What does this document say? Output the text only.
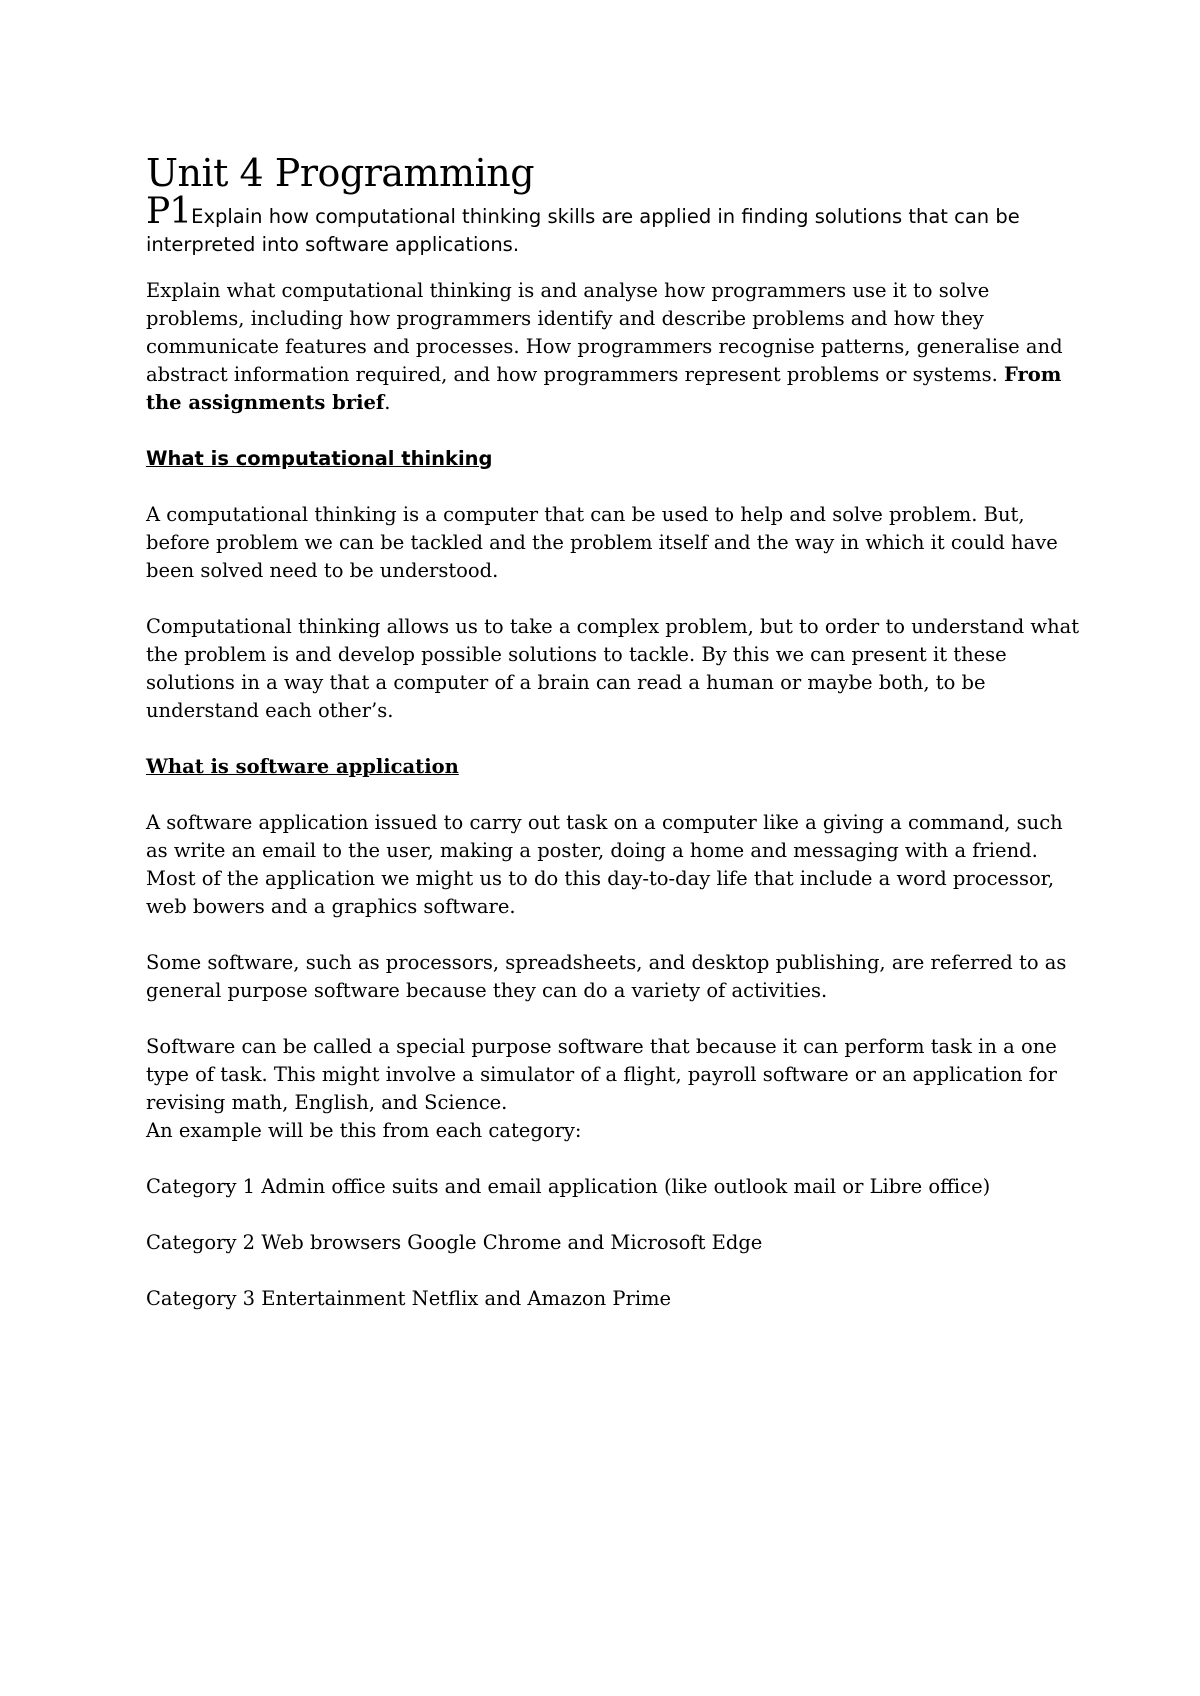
Unit 4 Programming

P1Explain how computational thinking skills are applied in finding solutions that can be interpreted into software applications.

Explain what computational thinking is and analyse how programmers use it to solve problems, including how programmers identify and describe problems and how they communicate features and processes. How programmers recognise patterns, generalise and abstract information required, and how programmers represent problems or systems. From the assignments brief.

What is computational thinking

A computational thinking is a computer that can be used to help and solve problem. But, before problem we can be tackled and the problem itself and the way in which it could have been solved need to be understood.

Computational thinking allows us to take a complex problem, but to order to understand what the problem is and develop possible solutions to tackle. By this we can present it these solutions in a way that a computer of a brain can read a human or maybe both, to be understand each other’s.

What is software application

A software application issued to carry out task on a computer like a giving a command, such as write an email to the user, making a poster, doing a home and messaging with a friend. Most of the application we might us to do this day-to-day life that include a word processor, web bowers and a graphics software.

Some software, such as processors, spreadsheets, and desktop publishing, are referred to as general purpose software because they can do a variety of activities.

Software can be called a special purpose software that because it can perform task in a one type of task. This might involve a simulator of a flight, payroll software or an application for revising math, English, and Science.

An example will be this from each category:

Category 1 Admin office suits and email application (like outlook mail or Libre office)

Category 2 Web browsers Google Chrome and Microsoft Edge

Category 3 Entertainment Netflix and Amazon Prime
